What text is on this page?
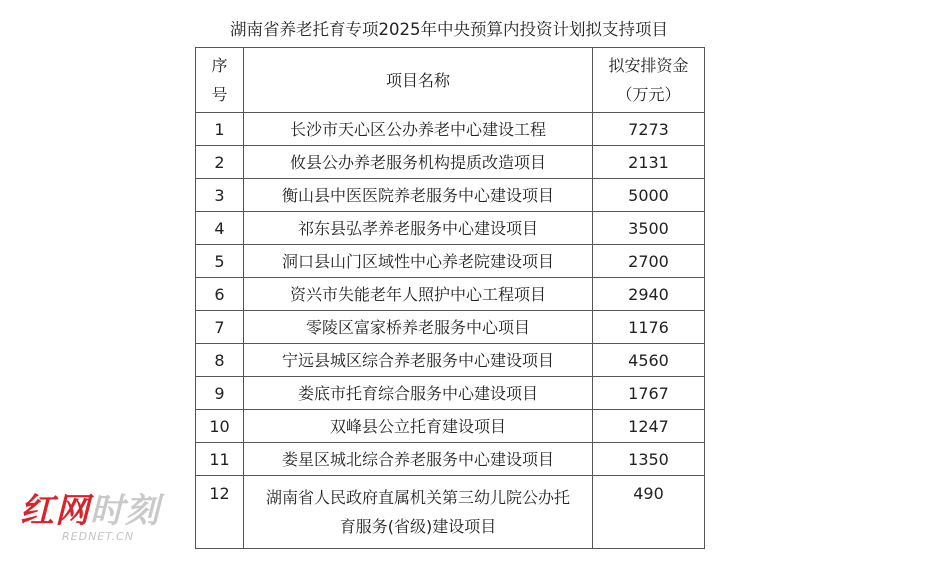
湖南省养老托育专项2025年中央预算内投资计划拟支持项目
序
号	项目名称	拟安排资金
（万元）

1	长沙市天心区公办养老中心建设工程	7273
2	攸县公办养老服务机构提质改造项目	2131
3	衡山县中医医院养老服务中心建设项目	5000
4	祁东县弘孝养老服务中心建设项目	3500
5	洞口县山门区域性中心养老院建设项目	2700
6	资兴市失能老年人照护中心工程项目	2940
7	零陵区富家桥养老服务中心项目	1176
8	宁远县城区综合养老服务中心建设项目	4560
9	娄底市托育综合服务中心建设项目	1767
10	双峰县公立托育建设项目	1247
11	娄星区城北综合养老服务中心建设项目	1350
12	湖南省人民政府直属机关第三幼儿院公办托
育服务(省级)建设项目	490
红网时刻
REDNET.CN
